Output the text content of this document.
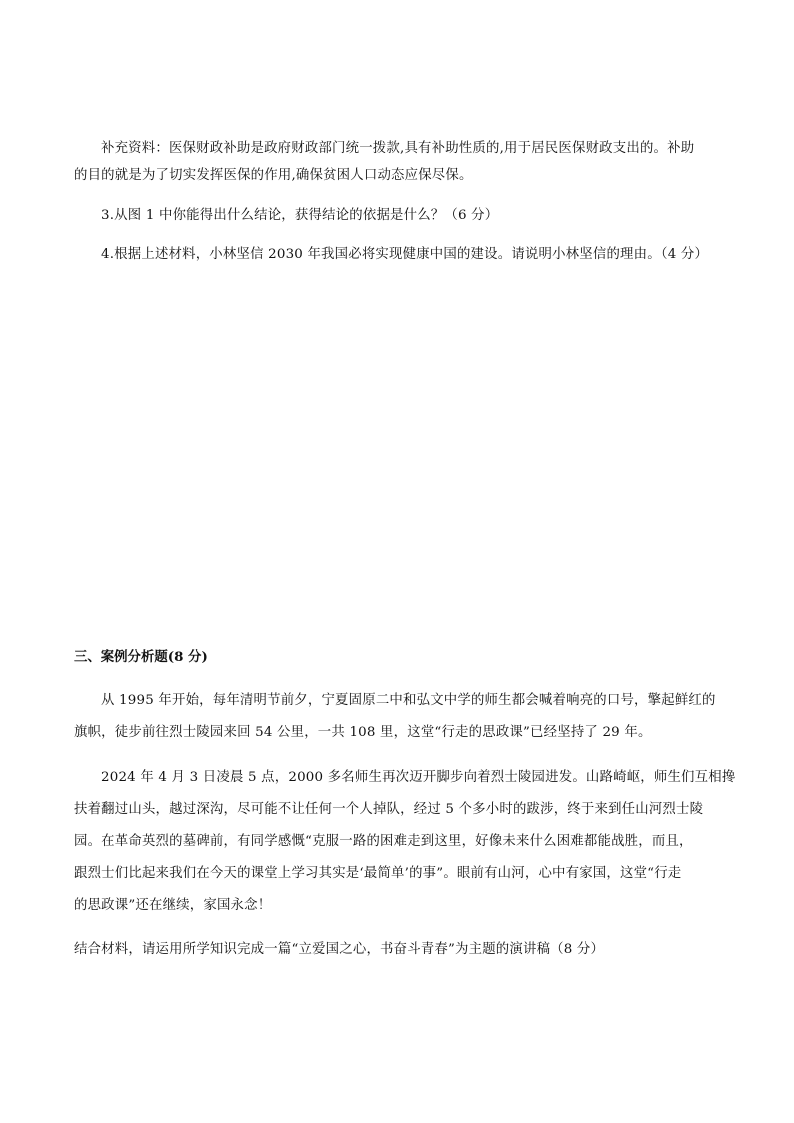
补充资料：医保财政补助是政府财政部门统一拨款,具有补助性质的,用于居民医保财政支出的。补助
的目的就是为了切实发挥医保的作用,确保贫困人口动态应保尽保。
3.从图 1 中你能得出什么结论，获得结论的依据是什么？（6 分）
4.根据上述材料，小林坚信 2030 年我国必将实现健康中国的建设。请说明小林坚信的理由。（4 分）
三、案例分析题(8 分)
从 1995 年开始，每年清明节前夕，宁夏固原二中和弘文中学的师生都会喊着响亮的口号，擎起鲜红的
旗帜，徒步前往烈士陵园来回 54 公里，一共 108 里，这堂“行走的思政课”已经坚持了 29 年。
2024 年 4 月 3 日凌晨 5 点，2000 多名师生再次迈开脚步向着烈士陵园进发。山路崎岖，师生们互相搀
扶着翻过山头，越过深沟，尽可能不让任何一个人掉队，经过 5 个多小时的跋涉，终于来到任山河烈士陵
园。在革命英烈的墓碑前，有同学感慨“克服一路的困难走到这里，好像未来什么困难都能战胜，而且，
跟烈士们比起来我们在今天的课堂上学习其实是‘最简单’的事”。眼前有山河，心中有家国，这堂“行走
的思政课”还在继续，家国永念！
结合材料，请运用所学知识完成一篇“立爱国之心，书奋斗青春”为主题的演讲稿（8 分）
